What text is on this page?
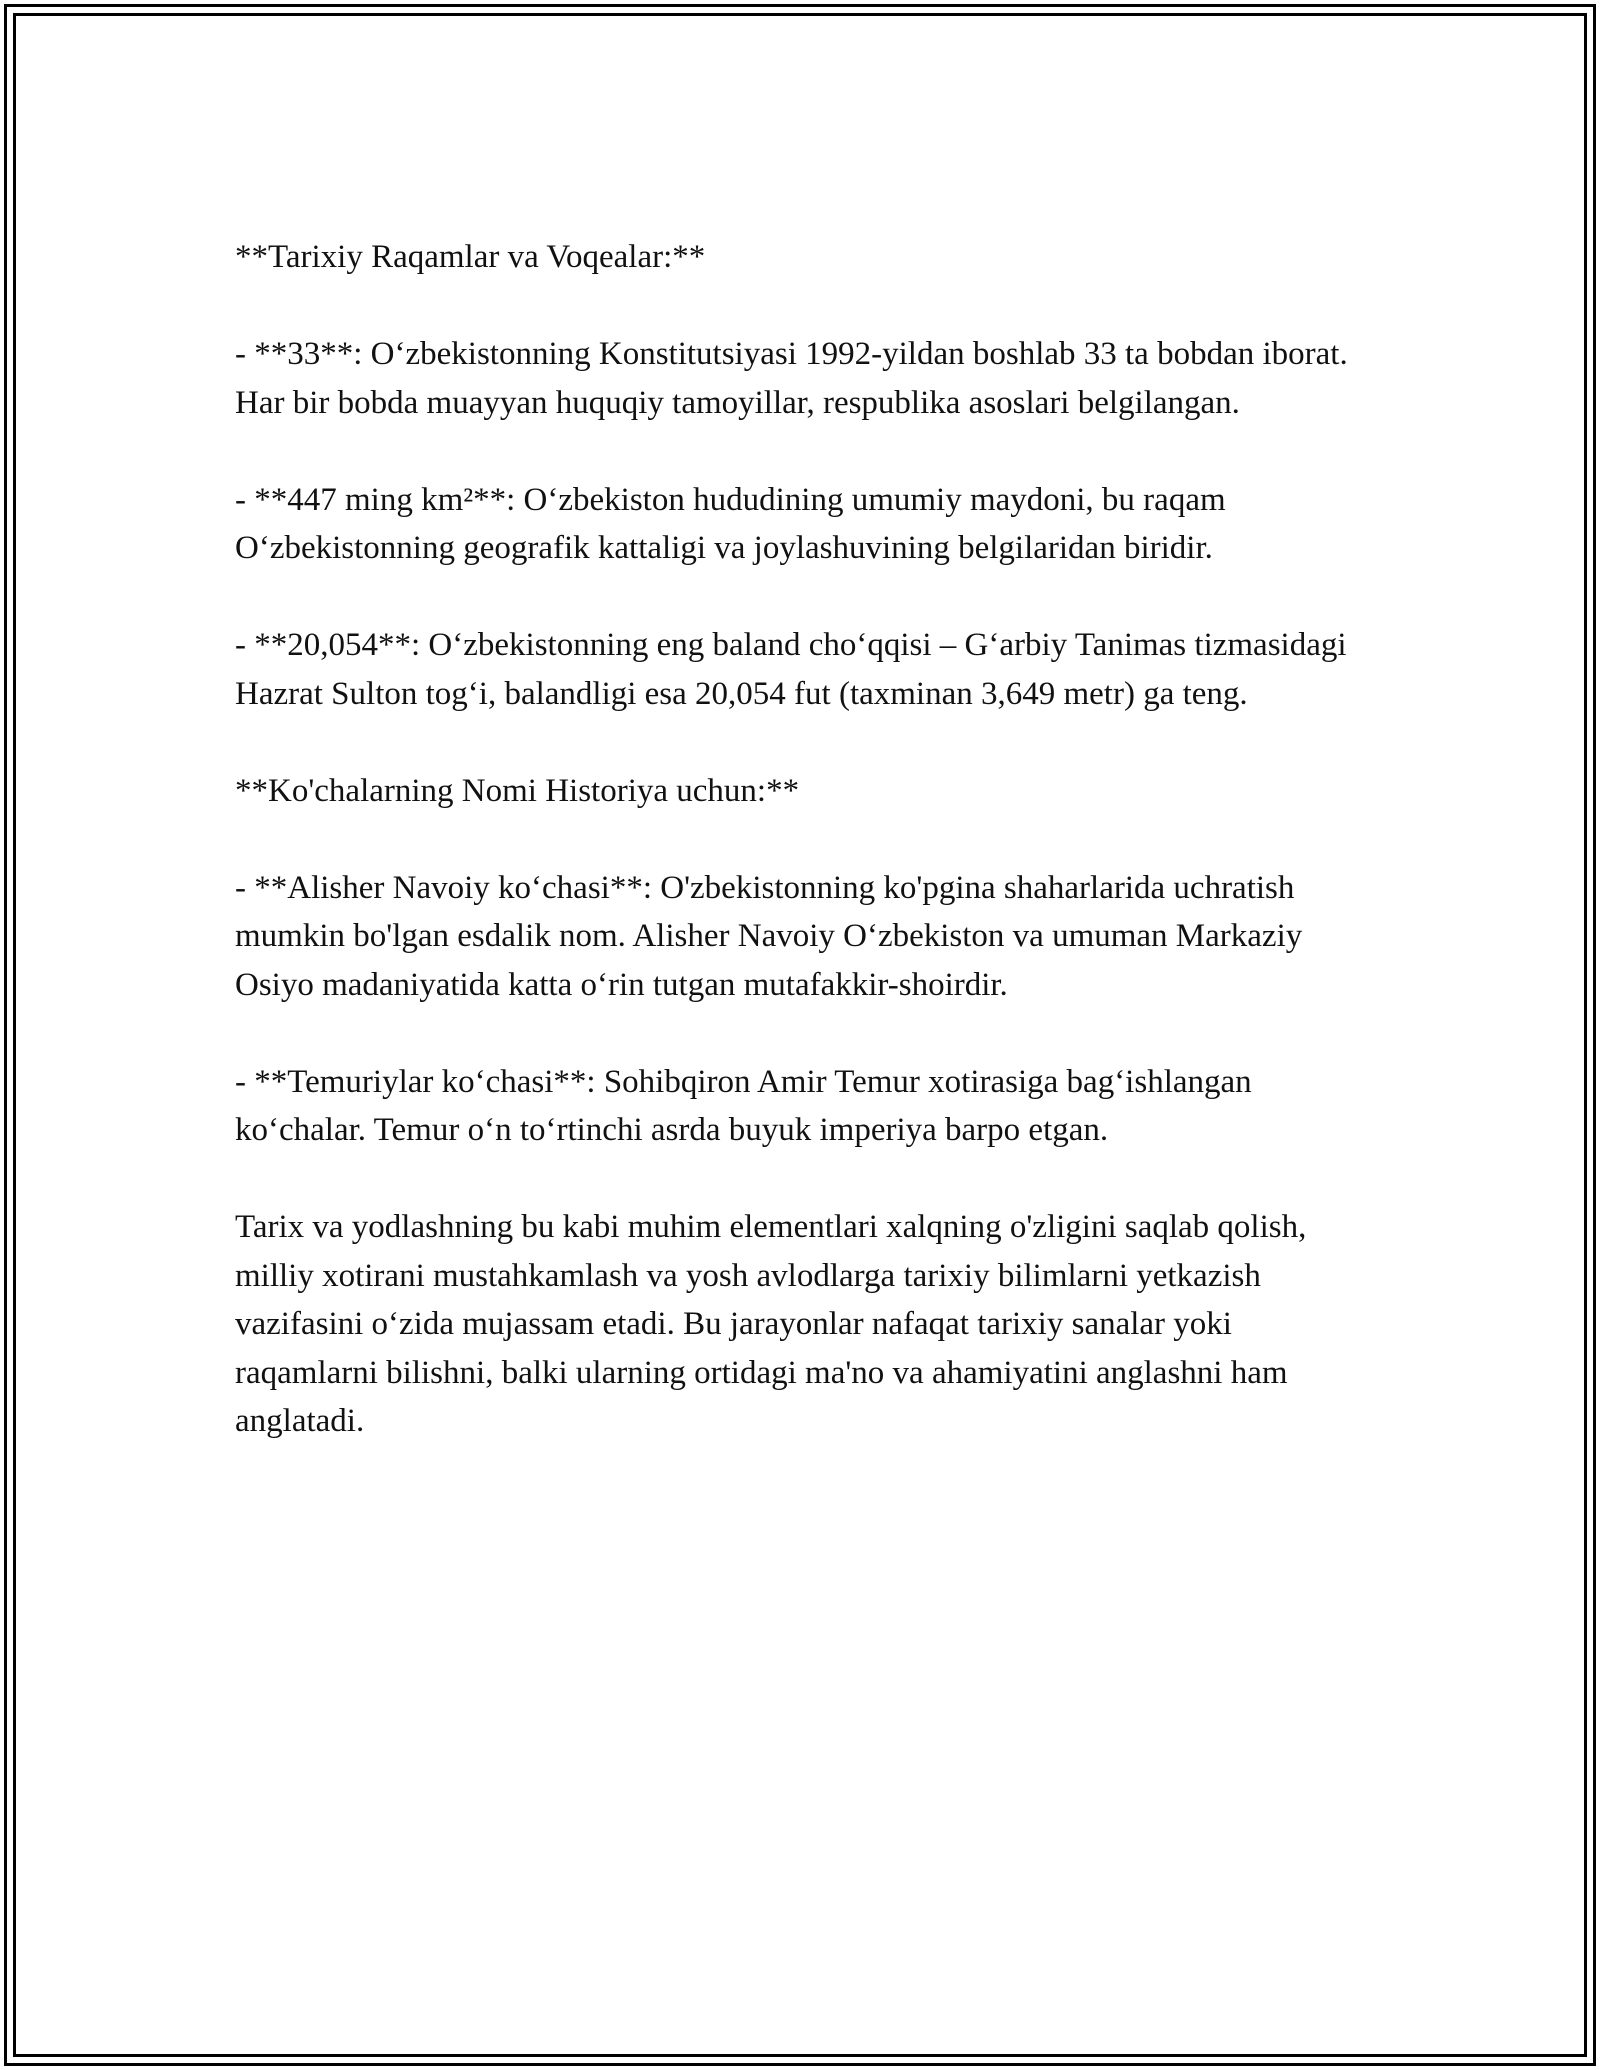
**Tarixiy Raqamlar va Voqealar:**

- **33**: O‘zbekistonning Konstitutsiyasi 1992-yildan boshlab 33 ta bobdan iborat. Har bir bobda muayyan huquqiy tamoyillar, respublika asoslari belgilangan.

- **447 ming km²**: O‘zbekiston hududining umumiy maydoni, bu raqam O‘zbekistonning geografik kattaligi va joylashuvining belgilaridan biridir.

- **20,054**: O‘zbekistonning eng baland cho‘qqisi – G‘arbiy Tanimas tizmasidagi Hazrat Sulton tog‘i, balandligi esa 20,054 fut (taxminan 3,649 metr) ga teng.

**Ko'chalarning Nomi Historiya uchun:**

- **Alisher Navoiy ko‘chasi**: O'zbekistonning ko'pgina shaharlarida uchratish mumkin bo'lgan esdalik nom. Alisher Navoiy O‘zbekiston va umuman Markaziy Osiyo madaniyatida katta o‘rin tutgan mutafakkir-shoirdir.

- **Temuriylar ko‘chasi**: Sohibqiron Amir Temur xotirasiga bag‘ishlangan ko‘chalar. Temur o‘n to‘rtinchi asrda buyuk imperiya barpo etgan.

Tarix va yodlashning bu kabi muhim elementlari xalqning o'zligini saqlab qolish, milliy xotirani mustahkamlash va yosh avlodlarga tarixiy bilimlarni yetkazish vazifasini o‘zida mujassam etadi. Bu jarayonlar nafaqat tarixiy sanalar yoki raqamlarni bilishni, balki ularning ortidagi ma'no va ahamiyatini anglashni ham anglatadi.
